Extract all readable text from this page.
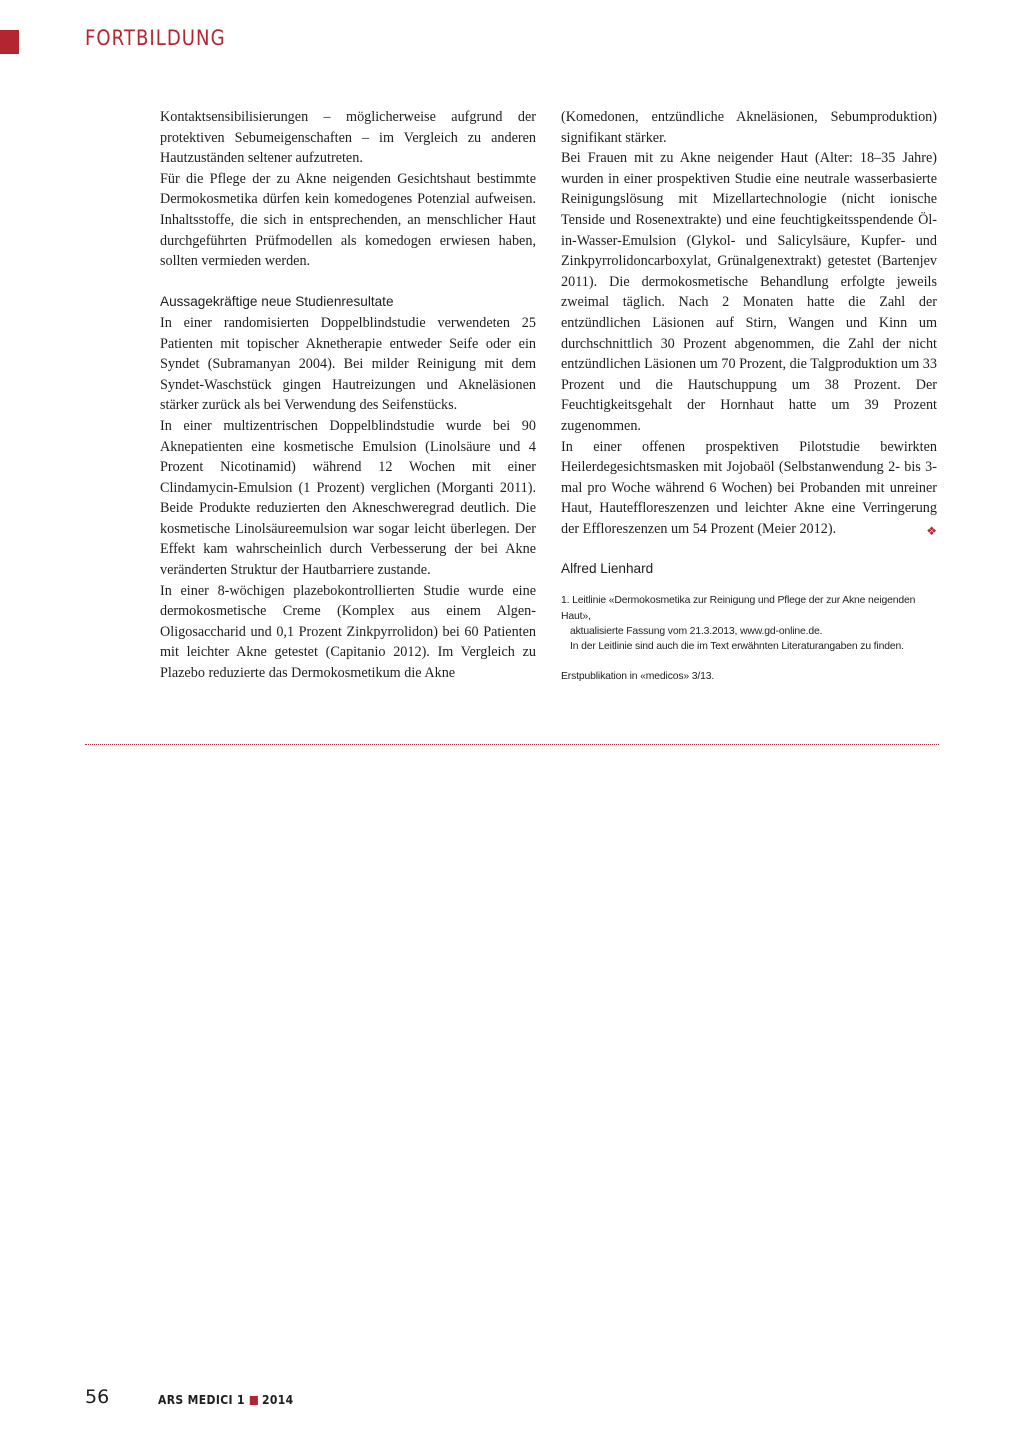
FORTBILDUNG

Kontaktsensibilisierungen – möglicherweise aufgrund der protektiven Sebumeigenschaften – im Vergleich zu anderen Hautzuständen seltener aufzutreten.

Für die Pflege der zu Akne neigenden Gesichtshaut bestimmte Dermokosmetika dürfen kein komedogenes Potenzial aufweisen. Inhaltsstoffe, die sich in entsprechenden, an menschlicher Haut durchgeführten Prüfmodellen als komedogen erwiesen haben, sollten vermieden werden.

Aussagekräftige neue Studienresultate

In einer randomisierten Doppelblindstudie verwendeten 25 Patienten mit topischer Aknetherapie entweder Seife oder ein Syndet (Subramanyan 2004). Bei milder Reinigung mit dem Syndet-Waschstück gingen Hautreizungen und Akneläsionen stärker zurück als bei Verwendung des Seifenstücks.

In einer multizentrischen Doppelblindstudie wurde bei 90 Aknepatienten eine kosmetische Emulsion (Linolsäure und 4 Prozent Nicotinamid) während 12 Wochen mit einer Clindamycin-Emulsion (1 Prozent) verglichen (Morganti 2011). Beide Produkte reduzierten den Akneschweregrad deutlich. Die kosmetische Linolsäureemulsion war sogar leicht überlegen. Der Effekt kam wahrscheinlich durch Verbesserung der bei Akne veränderten Struktur der Hautbarriere zustande.

In einer 8-wöchigen plazebokontrollierten Studie wurde eine dermokosmetische Creme (Komplex aus einem Algen-Oligosaccharid und 0,1 Prozent Zinkpyrrolidon) bei 60 Patienten mit leichter Akne getestet (Capitanio 2012). Im Vergleich zu Plazebo reduzierte das Dermokosmetikum die Akne

(Komedonen, entzündliche Akneläsionen, Sebumproduktion) signifikant stärker.

Bei Frauen mit zu Akne neigender Haut (Alter: 18–35 Jahre) wurden in einer prospektiven Studie eine neutrale wasserbasierte Reinigungslösung mit Mizellartechnologie (nicht ionische Tenside und Rosenextrakte) und eine feuchtigkeitsspendende Öl-in-Wasser-Emulsion (Glykol- und Salicylsäure, Kupfer- und Zinkpyrrolidoncarboxylat, Grünalgenextrakt) getestet (Bartenjev 2011). Die dermokosmetische Behandlung erfolgte jeweils zweimal täglich. Nach 2 Monaten hatte die Zahl der entzündlichen Läsionen auf Stirn, Wangen und Kinn um durchschnittlich 30 Prozent abgenommen, die Zahl der nicht entzündlichen Läsionen um 70 Prozent, die Talgproduktion um 33 Prozent und die Hautschuppung um 38 Prozent. Der Feuchtigkeitsgehalt der Hornhaut hatte um 39 Prozent zugenommen.

In einer offenen prospektiven Pilotstudie bewirkten Heilerdegesichtsmasken mit Jojobaöl (Selbstanwendung 2- bis 3-mal pro Woche während 6 Wochen) bei Probanden mit unreiner Haut, Hauteffloreszenzen und leichter Akne eine Verringerung der Effloreszenzen um 54 Prozent (Meier 2012).	❖

Alfred Lienhard
1. Leitlinie «Dermokosmetika zur Reinigung und Pflege der zur Akne neigenden Haut»,
aktualisierte Fassung vom 21.3.2013, www.gd-online.de.
In der Leitlinie sind auch die im Text erwähnten Literaturangaben zu finden.
Erstpublikation in «medicos» 3/13.
56	ARS MEDICI 1 2014
